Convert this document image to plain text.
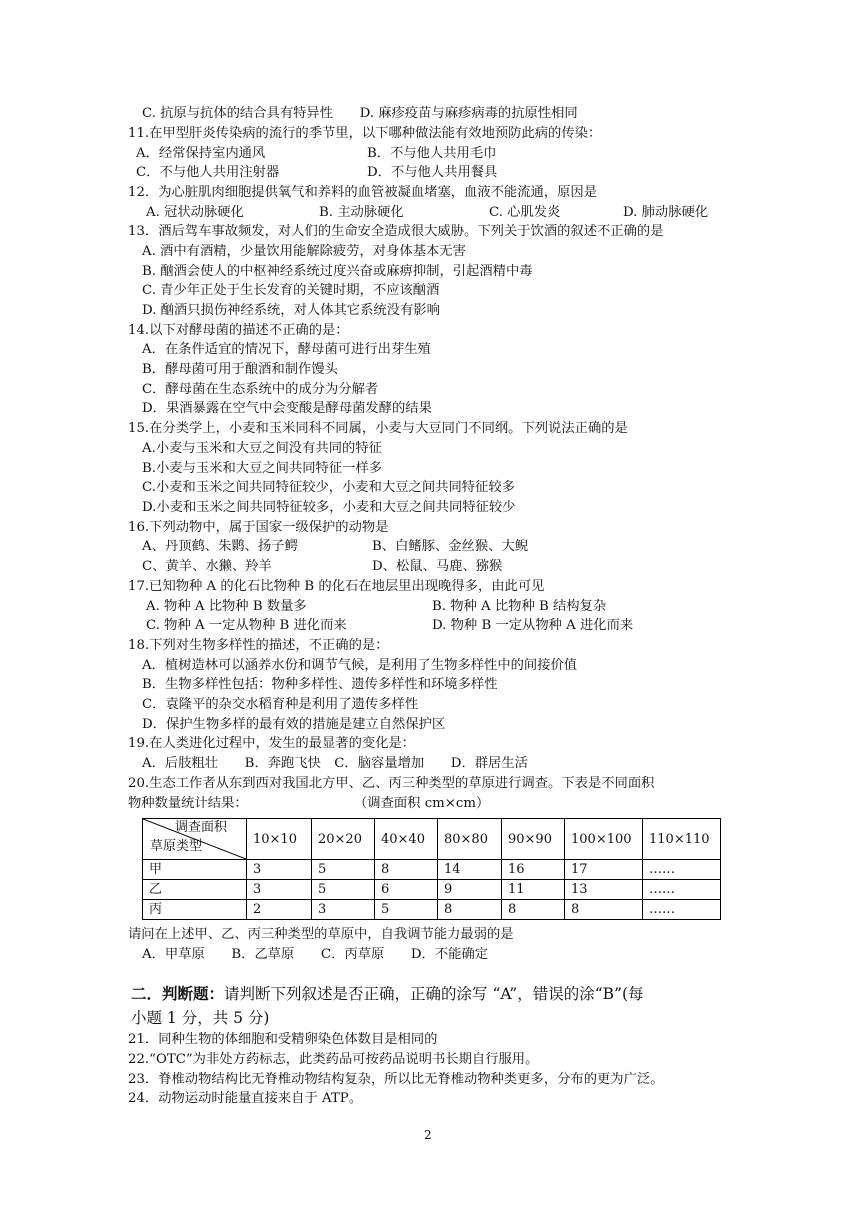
C. 抗原与抗体的结合具有特异性　　D. 麻疹疫苗与麻疹病毒的抗原性相同
11.在甲型肝炎传染病的流行的季节里，以下哪种做法能有效地预防此病的传染：
A．经常保持室内通风	B．不与他人共用毛巾
C．不与他人共用注射器	D．不与他人共用餐具
12．为心脏肌肉细胞提供氧气和养料的血管被凝血堵塞，血液不能流通，原因是
A. 冠状动脉硬化	B. 主动脉硬化	C. 心肌发炎	D. 肺动脉硬化
13．酒后驾车事故频发，对人们的生命安全造成很大威胁。下列关于饮酒的叙述不正确的是
A. 酒中有酒精，少量饮用能解除疲劳，对身体基本无害
B. 酗酒会使人的中枢神经系统过度兴奋或麻痹抑制，引起酒精中毒
C. 青少年正处于生长发育的关键时期，不应该酗酒
D. 酗酒只损伤神经系统，对人体其它系统没有影响
14.以下对酵母菌的描述不正确的是：
A．在条件适宜的情况下，酵母菌可进行出芽生殖
B．酵母菌可用于酿酒和制作馒头
C．酵母菌在生态系统中的成分为分解者
D．果酒暴露在空气中会变酸是酵母菌发酵的结果
15.在分类学上，小麦和玉米同科不同属，小麦与大豆同门不同纲。下列说法正确的是
A.小麦与玉米和大豆之间没有共同的特征
B.小麦与玉米和大豆之间共同特征一样多
C.小麦和玉米之间共同特征较少，小麦和大豆之间共同特征较多
D.小麦和玉米之间共同特征较多，小麦和大豆之间共同特征较少
16.下列动物中，属于国家一级保护的动物是
A、丹顶鹤、朱鹮、扬子鳄	B、白鳍豚、金丝猴、大鲵
C、黄羊、水獭、羚羊	D、松鼠、马鹿、猕猴
17.已知物种 A 的化石比物种 B 的化石在地层里出现晚得多，由此可见
A. 物种 A 比物种 B 数量多	B. 物种 A 比物种 B 结构复杂
C. 物种 A 一定从物种 B 进化而来	D. 物种 B 一定从物种 A 进化而来
18.下列对生物多样性的描述，不正确的是：
A．植树造林可以涵养水份和调节气候，是利用了生物多样性中的间接价值
B．生物多样性包括：物种多样性、遗传多样性和环境多样性
C．袁隆平的杂交水稻育种是利用了遗传多样性
D．保护生物多样的最有效的措施是建立自然保护区
19.在人类进化过程中，发生的最显著的变化是：
A．后肢粗壮　　B．奔跑飞快　C．脑容量增加　　D．群居生活
20.生态工作者从东到西对我国北方甲、乙、丙三种类型的草原进行调查。下表是不同面积
物种数量统计结果：	（调查面积 cm×cm）
调查面积
草原类型	10×10	20×20	40×40	80×80	90×90	100×100	110×110
甲	3	5	8	14	16	17	……
乙	3	5	6	9	11	13	……
丙	2	3	5	8	8	8	……
请问在上述甲、乙、丙三种类型的草原中，自我调节能力最弱的是
A．甲草原　　B．乙草原　　C．丙草原　　D．不能确定
二．判断题：请判断下列叙述是否正确，正确的涂写 “A”，错误的涂“B”(每
小题 1 分，共 5 分)
21．同种生物的体细胞和受精卵染色体数目是相同的
22.“OTC”为非处方药标志，此类药品可按药品说明书长期自行服用。
23．脊椎动物结构比无脊椎动物结构复杂，所以比无脊椎动物种类更多，分布的更为广泛。
24．动物运动时能量直接来自于 ATP。
2
